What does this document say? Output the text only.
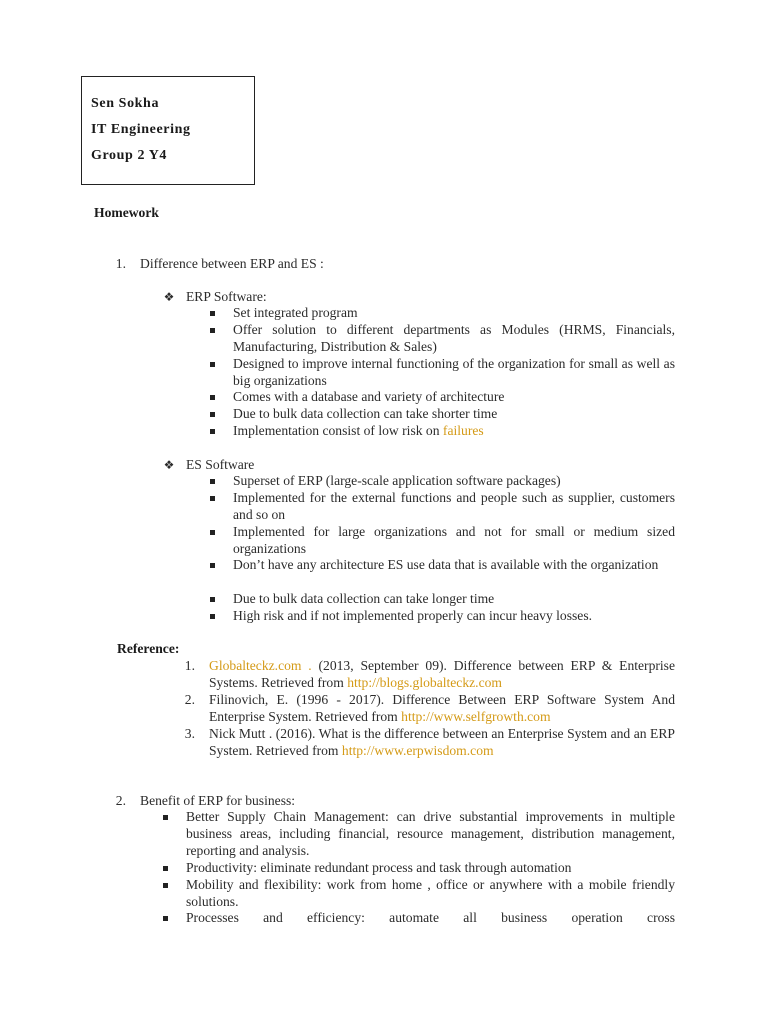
Sen Sokha
IT Engineering
Group 2 Y4
Homework
1. Difference between ERP and ES :
❖ ERP Software:
Set integrated program
Offer solution to different departments as Modules (HRMS, Financials, Manufacturing, Distribution & Sales)
Designed to improve internal functioning of the organization for small as well as big organizations
Comes with a database and variety of architecture
Due to bulk data collection can take shorter time
Implementation consist of low risk on failures
❖ ES Software
Superset of ERP (large-scale application software packages)
Implemented for the external functions and people such as supplier, customers and so on
Implemented for large organizations and not for small or medium sized organizations
Don’t have any architecture ES use data that is available with the organization
Due to bulk data collection can take longer time
High risk and if not implemented properly can incur heavy losses.
Reference:
1. Globalteckz.com . (2013, September 09). Difference between ERP & Enterprise Systems. Retrieved from http://blogs.globalteckz.com
2. Filinovich, E. (1996 - 2017). Difference Between ERP Software System And Enterprise System. Retrieved from http://www.selfgrowth.com
3. Nick Mutt . (2016). What is the difference between an Enterprise System and an ERP System. Retrieved from http://www.erpwisdom.com
2. Benefit of ERP for business:
Better Supply Chain Management: can drive substantial improvements in multiple business areas, including financial, resource management, distribution management, reporting and analysis.
Productivity: eliminate redundant process and task through automation
Mobility and flexibility: work from home , office or anywhere with a mobile friendly solutions.
Processes and efficiency: automate all business operation cross
